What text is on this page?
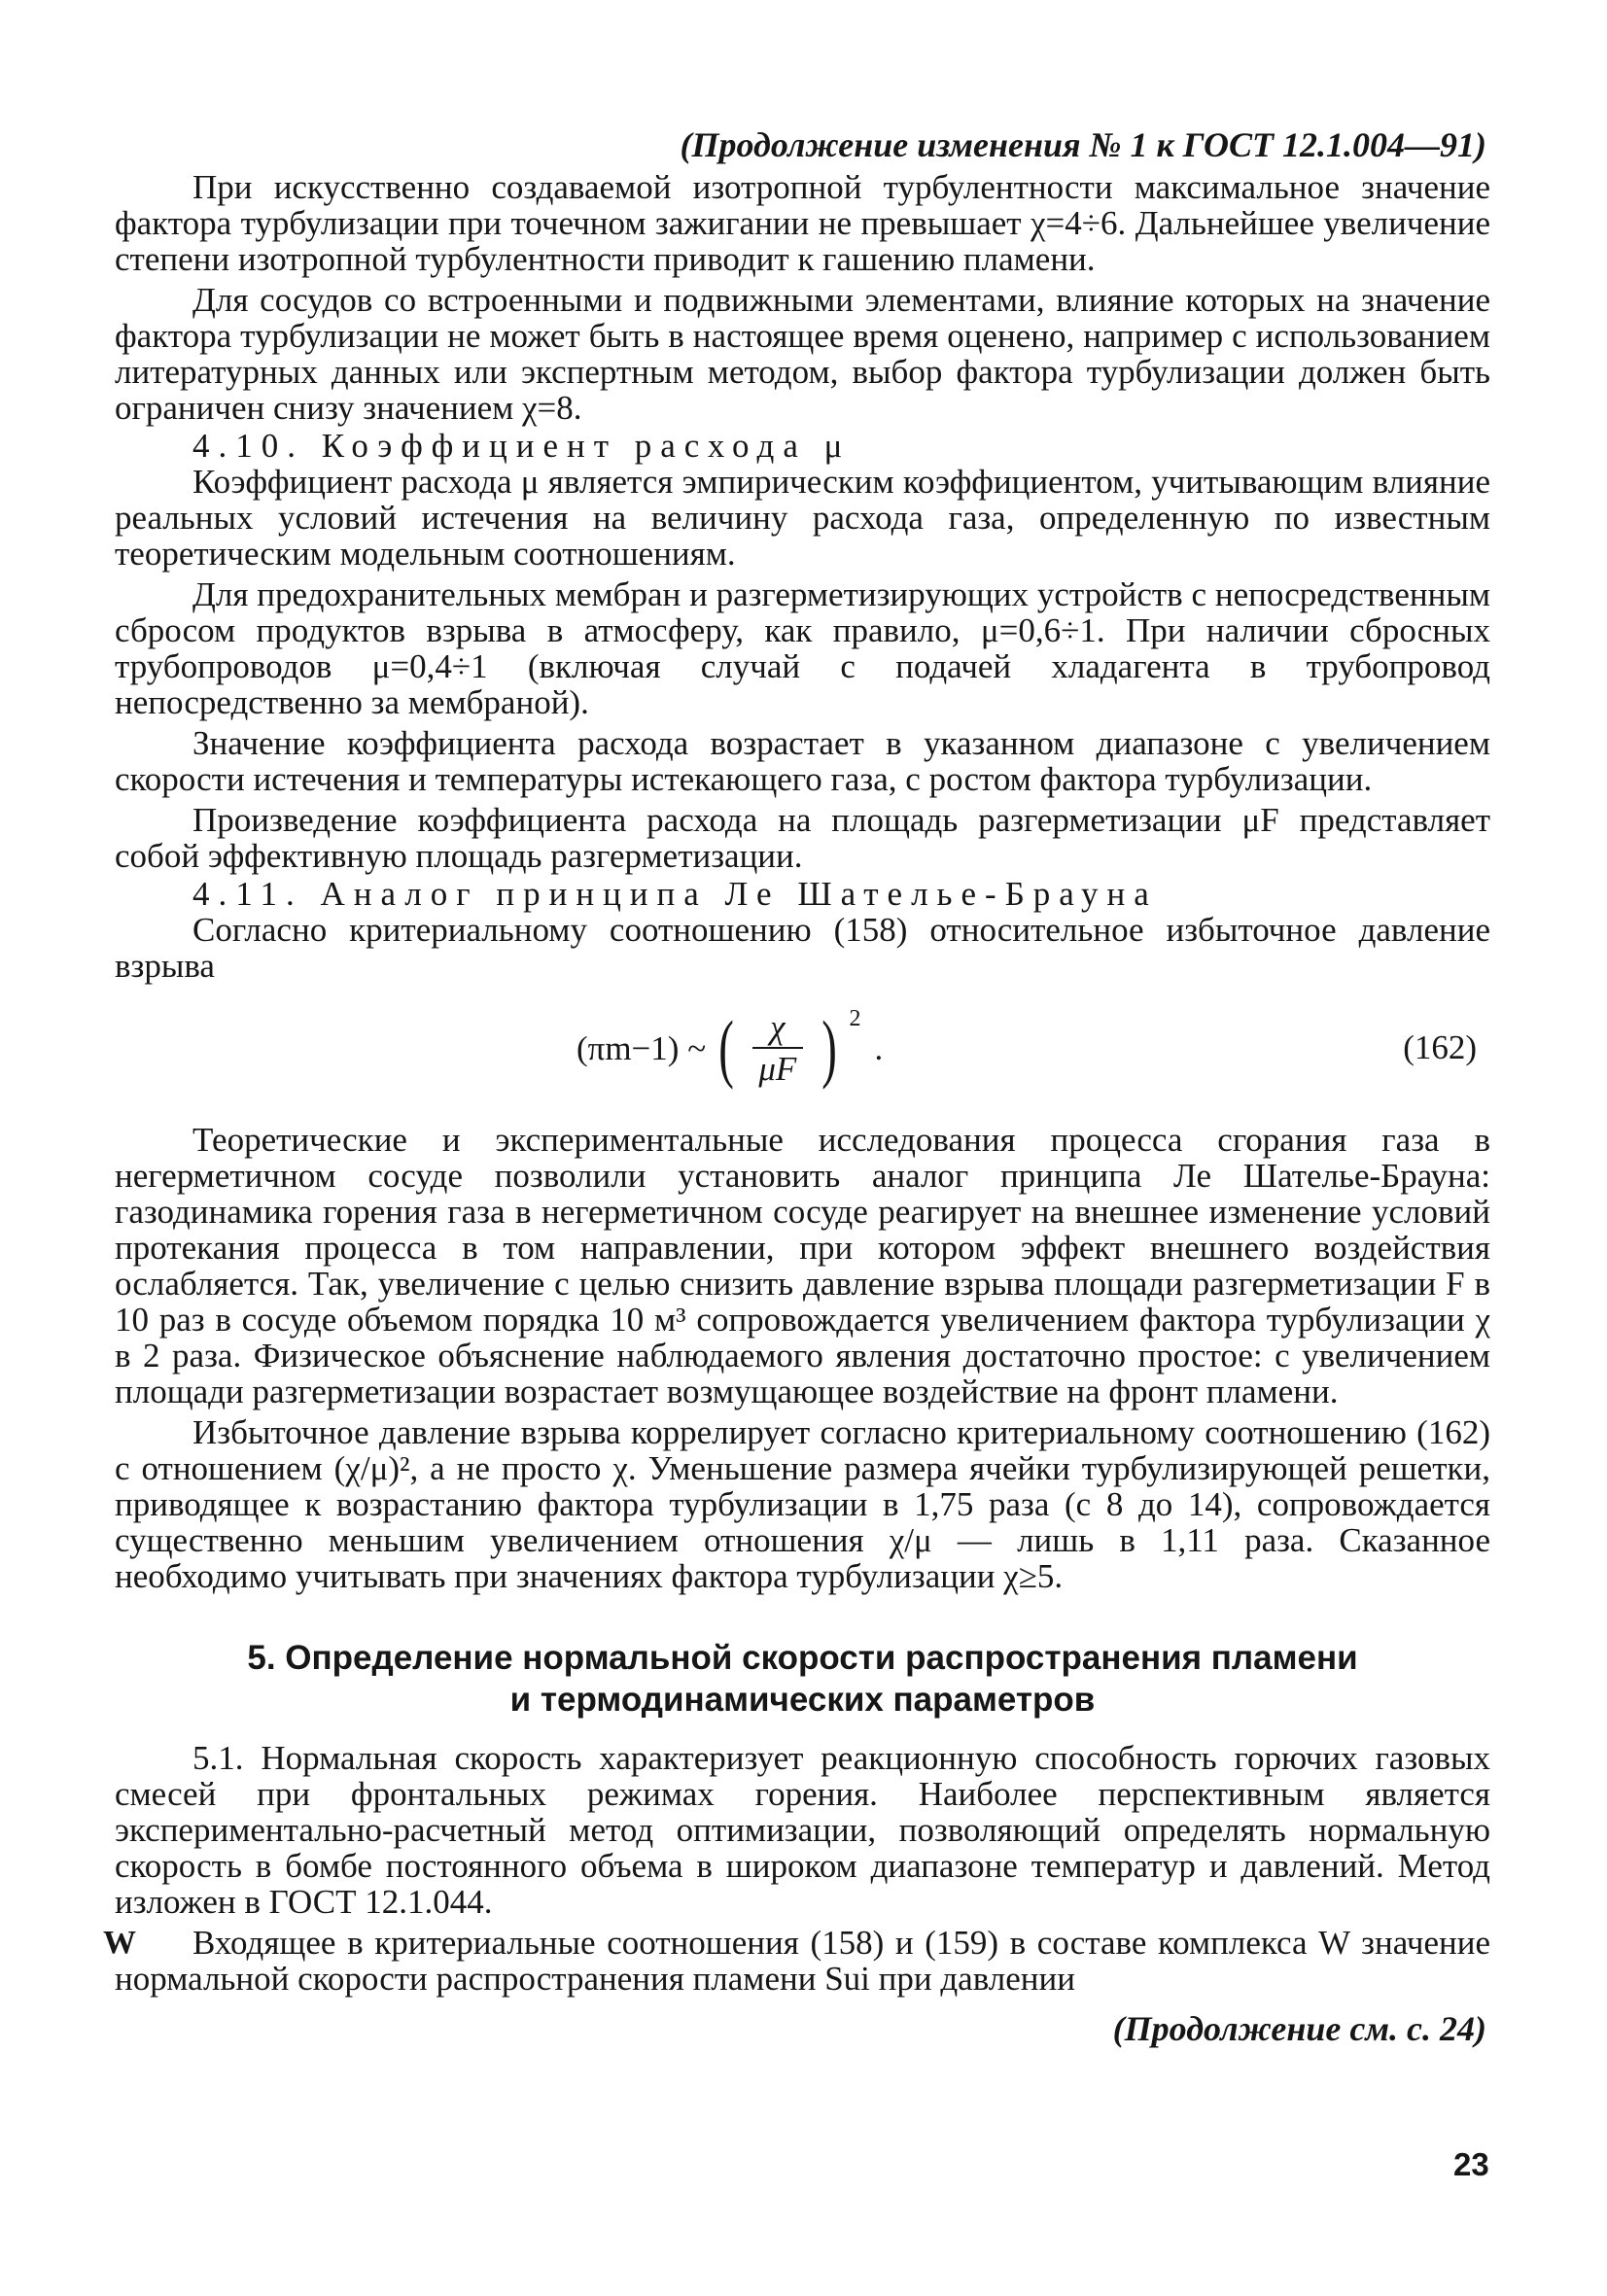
(Продолжение изменения № 1 к ГОСТ 12.1.004—91)

При искусственно создаваемой изотропной турбулентности максимальное значение фактора турбулизации при точечном зажигании не превышает χ=4÷6. Дальнейшее увеличение степени изотропной турбулентности приводит к гашению пламени.

Для сосудов со встроенными и подвижными элементами, влияние которых на значение фактора турбулизации не может быть в настоящее время оценено, например с использованием литературных данных или экспертным методом, выбор фактора турбулизации должен быть ограничен снизу значением χ=8.

4.10. Коэффициент расхода μ

Коэффициент расхода μ является эмпирическим коэффициентом, учитывающим влияние реальных условий истечения на величину расхода газа, определенную по известным теоретическим модельным соотношениям.

Для предохранительных мембран и разгерметизирующих устройств с непосредственным сбросом продуктов взрыва в атмосферу, как правило, μ=0,6÷1. При наличии сбросных трубопроводов μ=0,4÷1 (включая случай с подачей хладагента в трубопровод непосредственно за мембраной).

Значение коэффициента расхода возрастает в указанном диапазоне с увеличением скорости истечения и температуры истекающего газа, с ростом фактора турбулизации.

Произведение коэффициента расхода на площадь разгерметизации μF представляет собой эффективную площадь разгерметизации.

4.11. Аналог принципа Ле Шателье-Брауна

Согласно критериальному соотношению (158) относительное избыточное давление взрыва

(πm−1) ~ ( $\frac{\chi}{\mu F}$ ) 2
.	(162)

Теоретические и экспериментальные исследования процесса сгорания газа в негерметичном сосуде позволили установить аналог принципа Ле Шателье-Брауна: газодинамика горения газа в негерметичном сосуде реагирует на внешнее изменение условий протекания процесса в том направлении, при котором эффект внешнего воздействия ослабляется. Так, увеличение с целью снизить давление взрыва площади разгерметизации F в 10 раз в сосуде объемом порядка 10 м³ сопровождается увеличением фактора турбулизации χ в 2 раза. Физическое объяснение наблюдаемого явления достаточно простое: с увеличением площади разгерметизации возрастает возмущающее воздействие на фронт пламени.

Избыточное давление взрыва коррелирует согласно критериальному соотношению (162) с отношением (χ/μ)², а не просто χ. Уменьшение размера ячейки турбулизирующей решетки, приводящее к возрастанию фактора турбулизации в 1,75 раза (с 8 до 14), сопровождается существенно меньшим увеличением отношения χ/μ — лишь в 1,11 раза. Сказанное необходимо учитывать при значениях фактора турбулизации χ≥5.

5. Определение нормальной скорости распространения пламени
и термодинамических параметров

5.1. Нормальная скорость характеризует реакционную способность горючих газовых смесей при фронтальных режимах горения. Наиболее перспективным является экспериментально-расчетный метод оптимизации, позволяющий определять нормальную скорость в бомбе постоянного объема в широком диапазоне температур и давлений. Метод изложен в ГОСТ 12.1.044.

W	Входящее в критериальные соотношения (158) и (159) в составе комплекса W значение нормальной скорости распространения пламени Sui при давлении

(Продолжение см. с. 24)
23
